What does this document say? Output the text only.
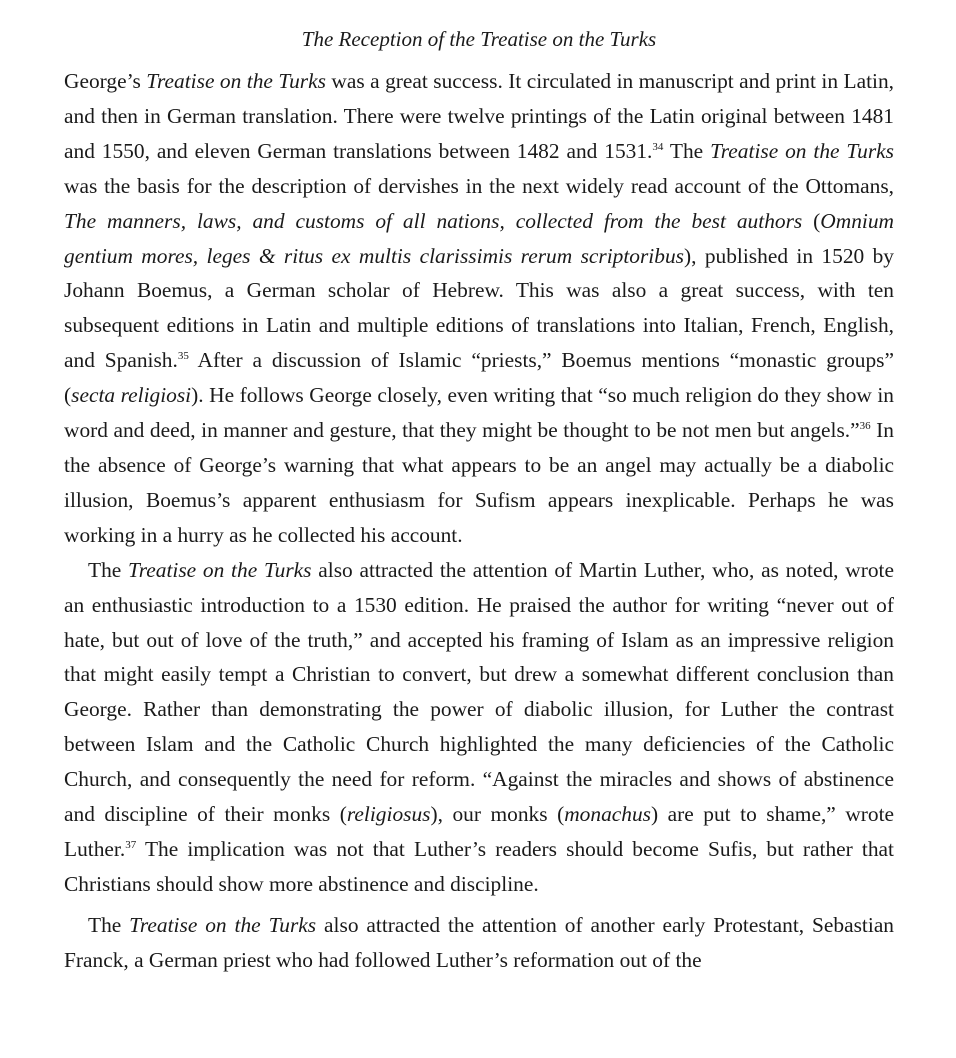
The Reception of the Treatise on the Turks

George’s Treatise on the Turks was a great success. It circulated in manuscript and print in Latin, and then in German translation. There were twelve printings of the Latin original between 1481 and 1550, and eleven German translations between 1482 and 1531.34 The Treatise on the Turks was the basis for the description of dervishes in the next widely read account of the Ottomans, The manners, laws, and customs of all nations, collected from the best authors (Omnium gentium mores, leges & ritus ex multis clarissimis rerum scriptoribus), published in 1520 by Johann Boemus, a German scholar of Hebrew. This was also a great success, with ten subsequent editions in Latin and multiple editions of translations into Italian, French, English, and Spanish.$^{35}$ After a discussion of Islamic “priests,” Boemus mentions “monastic groups” (secta religiosi). He follows George closely, even writing that “so much religion do they show in word and deed, in manner and gesture, that they might be thought to be not men but angels.”$^{36}$ In the absence of George’s warning that what appears to be an angel may actually be a diabolic illusion, Boemus’s apparent enthusiasm for Sufism appears inexplicable. Perhaps he was working in a hurry as he collected his account.

The Treatise on the Turks also attracted the attention of Martin Luther, who, as noted, wrote an enthusiastic introduction to a 1530 edition. He praised the author for writing “never out of hate, but out of love of the truth,” and accepted his framing of Islam as an impressive religion that might easily tempt a Christian to convert, but drew a somewhat different conclusion than George. Rather than demonstrating the power of diabolic illusion, for Luther the contrast between Islam and the Catholic Church highlighted the many deficiencies of the Catholic Church, and consequently the need for reform. “Against the miracles and shows of abstinence and discipline of their monks (religiosus), our monks (monachus) are put to shame,” wrote Luther.$^{37}$ The implication was not that Luther’s readers should become Sufis, but rather that Christians should show more abstinence and discipline.

The Treatise on the Turks also attracted the attention of another early Protestant, Sebastian Franck, a German priest who had followed Luther’s reformation out of the
